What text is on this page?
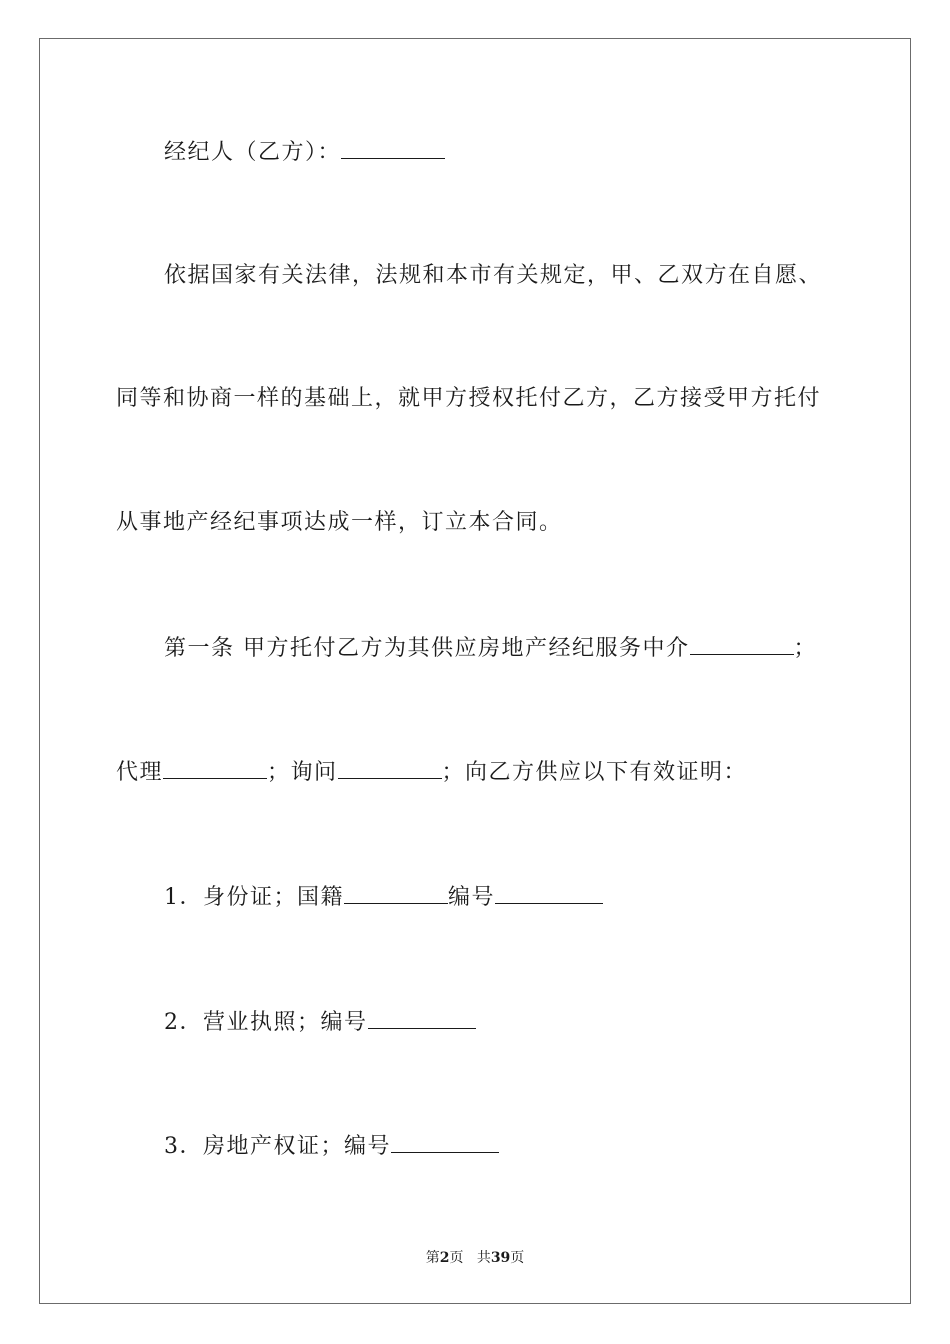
经纪人（乙方）：
依据国家有关法律，法规和本市有关规定，甲、乙双方在自愿、
同等和协商一样的基础上，就甲方授权托付乙方，乙方接受甲方托付
从事地产经纪事项达成一样，订立本合同。
第一条 甲方托付乙方为其供应房地产经纪服务中介	；
代理	；询问	；向乙方供应以下有效证明：
1．身份证；国籍	编号
2．营业执照；编号
3．房地产权证；编号
第2页 共39页
